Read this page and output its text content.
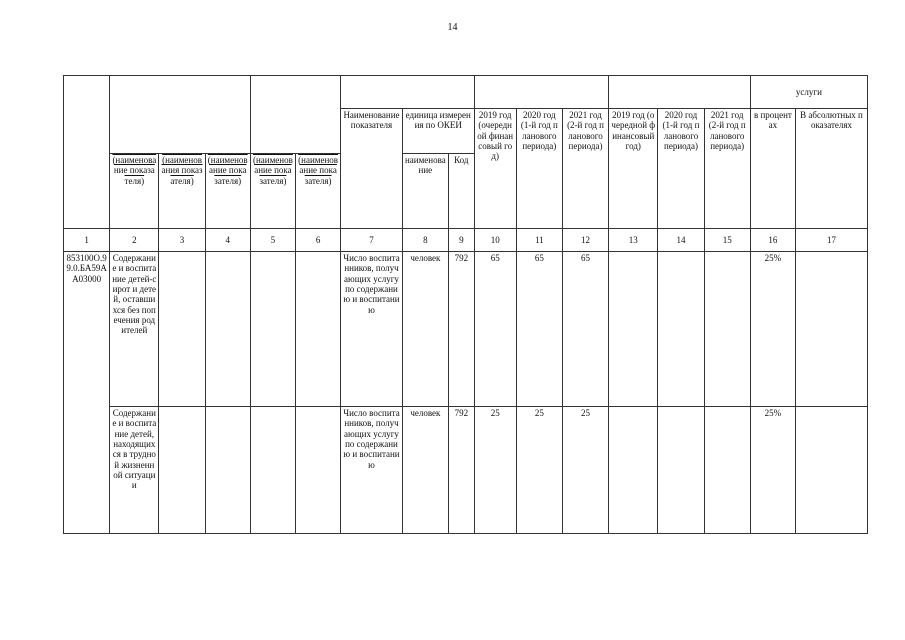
14
															услуги	
						Наименование показателя	единица измерения по ОКЕИ		2019 год (очередной финансовый год)	2020 год (1-й год планового периода)	2021 год (2-й год планового периода)	2019 год (очередной финансовый год)	2020 год (1-й год планового периода)	2021 год (2-й год планового периода)	в процентах	В абсолютных показателях
							наименование	Код								
	(наименование показателя)	(наименования показателя)	(наименование показателя)	(наименование показателя)	(наименование показателя)											
1	2	3	4	5	6	7	8	9	10	11	12	13	14	15	16	17
853100О.99.0.БА59АА03000	Содержание и воспитание детей-сирот и детей, оставшихся без попечения родителей					Число воспитанников, получающих услугу по содержанию и воспитанию	человек	792	65	65	65				25%	
	Содержание и воспитание детей, находящихся в трудной жизненной ситуации					Число воспитанников, получающих услугу по содержанию и воспитанию	человек	792	25	25	25				25%	
